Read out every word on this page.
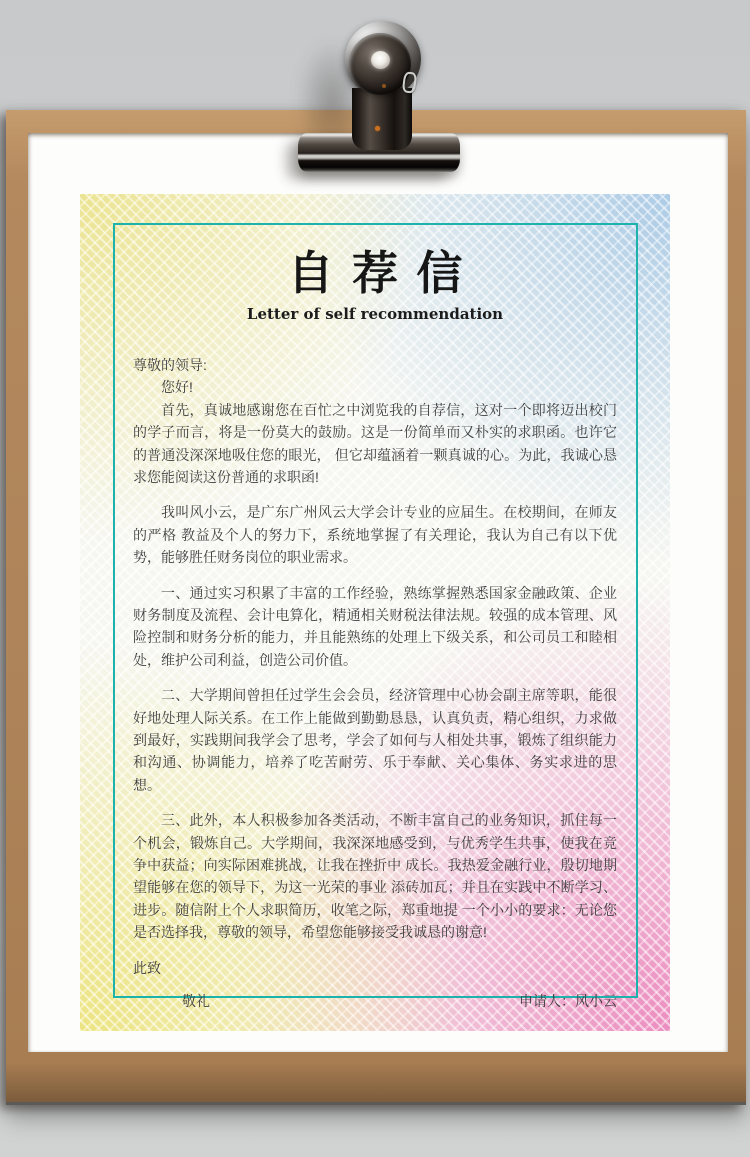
自荐信
Letter of self recommendation

尊敬的领导:

您好!

首先，真诚地感谢您在百忙之中浏览我的自荐信，这对一个即将迈出校门的学子而言，将是一份莫大的鼓励。这是一份简单而又朴实的求职函。也许它的普通没深深地吸住您的眼光， 但它却蕴涵着一颗真诚的心。为此，我诚心恳求您能阅读这份普通的求职函!

我叫风小云，是广东广州风云大学会计专业的应届生。在校期间，在师友的严格 教益及个人的努力下，系统地掌握了有关理论，我认为自己有以下优势，能够胜任财务岗位的职业需求。

一、通过实习积累了丰富的工作经验，熟练掌握熟悉国家金融政策、企业财务制度及流程、会计电算化，精通相关财税法律法规。较强的成本管理、风险控制和财务分析的能力，并且能熟练的处理上下级关系，和公司员工和睦相处，维护公司利益，创造公司价值。

二、大学期间曾担任过学生会会员，经济管理中心协会副主席等职，能很好地处理人际关系。在工作上能做到勤勤恳恳，认真负责，精心组织，力求做到最好，实践期间我学会了思考，学会了如何与人相处共事，锻炼了组织能力和沟通、协调能力，培养了吃苦耐劳、乐于奉献、关心集体、务实求进的思想。

三、此外，本人积极参加各类活动，不断丰富自己的业务知识，抓住每一个机会，锻炼自己。大学期间，我深深地感受到，与优秀学生共事，使我在竞争中获益；向实际困难挑战，让我在挫折中 成长。我热爱金融行业，殷切地期望能够在您的领导下，为这一光荣的事业 添砖加瓦；并且在实践中不断学习、进步。随信附上个人求职简历，收笔之际，郑重地提 一个小小的要求：无论您是否选择我，尊敬的领导，希望您能够接受我诚恳的谢意!

此致

敬礼	申请人：风小云
